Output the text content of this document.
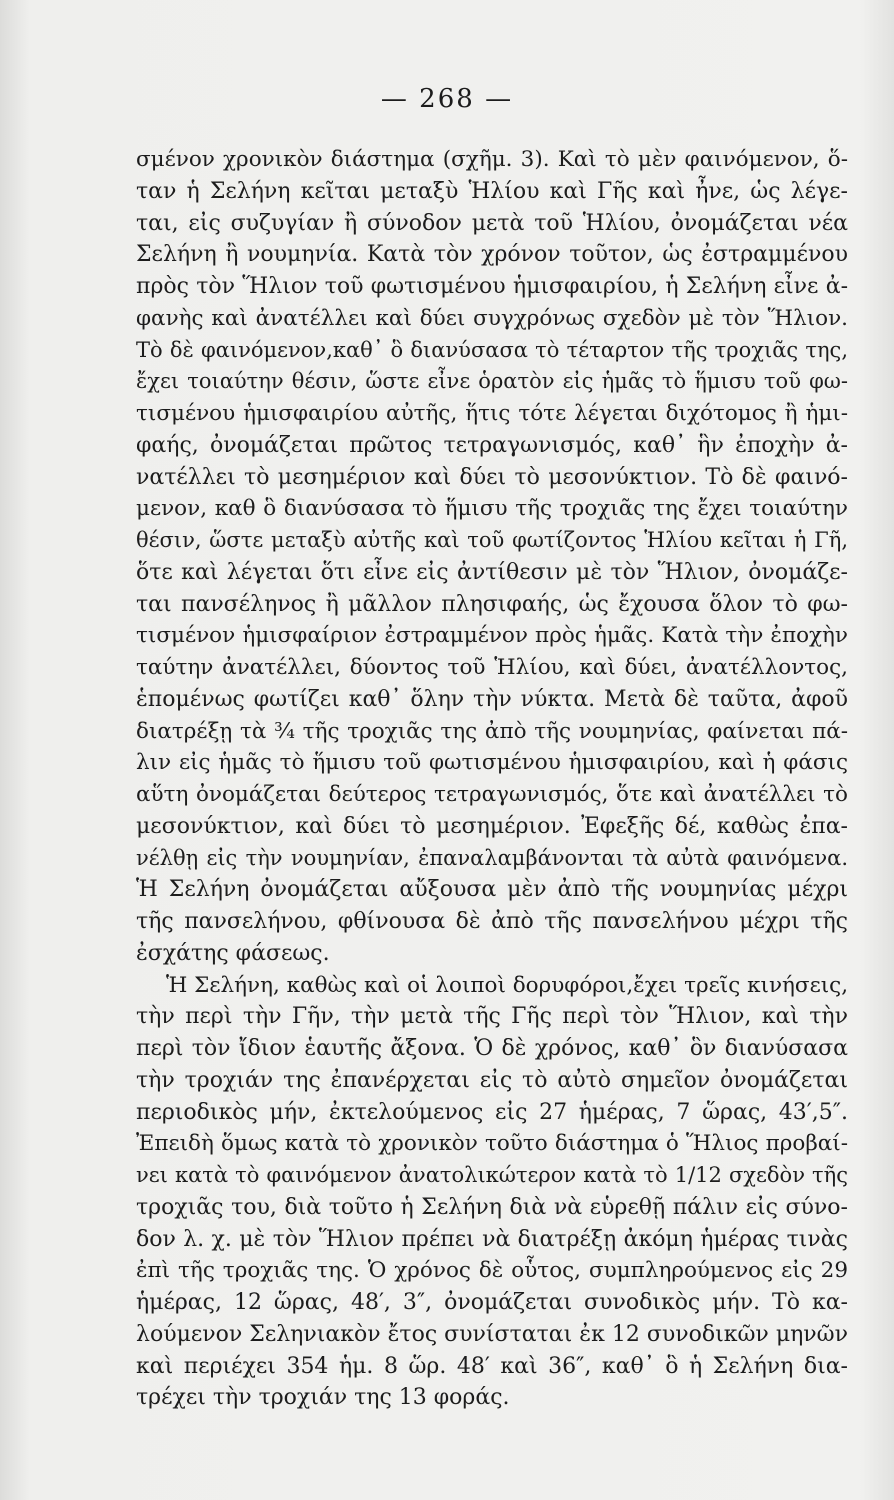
— 268 —
σμένον χρονικὸν διάστημα (σχῆμ. 3). Καὶ τὸ μὲν φαινόμενον, ὅ-
ταν ἡ Σελήνη κεῖται μεταξὺ Ἡλίου καὶ Γῆς καὶ ἦνε, ὡς λέγε-
ται, εἰς συζυγίαν ἢ σύνοδον μετὰ τοῦ Ἡλίου, ὀνομάζεται νέα
Σελήνη ἢ νουμηνία. Κατὰ τὸν χρόνον τοῦτον, ὡς ἐστραμμένου
πρὸς τὸν Ἥλιον τοῦ φωτισμένου ἡμισφαιρίου, ἡ Σελήνη εἶνε ἀ-
φανὴς καὶ ἀνατέλλει καὶ δύει συγχρόνως σχεδὸν μὲ τὸν Ἥλιον.
Τὸ δὲ φαινόμενον,καθ᾽ ὃ διανύσασα τὸ τέταρτον τῆς τροχιᾶς της,
ἔχει τοιαύτην θέσιν, ὥστε εἶνε ὁρατὸν εἰς ἡμᾶς τὸ ἥμισυ τοῦ φω-
τισμένου ἡμισφαιρίου αὐτῆς, ἥτις τότε λέγεται διχότομος ἢ ἡμι-
φαής, ὀνομάζεται πρῶτος τετραγωνισμός, καθ᾽ ἣν ἐποχὴν ἀ-
νατέλλει τὸ μεσημέριον καὶ δύει τὸ μεσονύκτιον. Τὸ δὲ φαινό-
μενον, καθ ὃ διανύσασα τὸ ἥμισυ τῆς τροχιᾶς της ἔχει τοιαύτην
θέσιν, ὥστε μεταξὺ αὐτῆς καὶ τοῦ φωτίζοντος Ἡλίου κεῖται ἡ Γῆ,
ὅτε καὶ λέγεται ὅτι εἶνε εἰς ἀντίθεσιν μὲ τὸν Ἥλιον, ὀνομάζε-
ται πανσέληνος ἢ μᾶλλον πλησιφαής, ὡς ἔχουσα ὅλον τὸ φω-
τισμένον ἡμισφαίριον ἐστραμμένον πρὸς ἡμᾶς. Κατὰ τὴν ἐποχὴν
ταύτην ἀνατέλλει, δύοντος τοῦ Ἡλίου, καὶ δύει, ἀνατέλλοντος,
ἑπομένως φωτίζει καθ᾽ ὅλην τὴν νύκτα. Μετὰ δὲ ταῦτα, ἀφοῦ
διατρέξῃ τὰ ¾ τῆς τροχιᾶς της ἀπὸ τῆς νουμηνίας, φαίνεται πά-
λιν εἰς ἡμᾶς τὸ ἥμισυ τοῦ φωτισμένου ἡμισφαιρίου, καὶ ἡ φάσις
αὕτη ὀνομάζεται δεύτερος τετραγωνισμός, ὅτε καὶ ἀνατέλλει τὸ
μεσονύκτιον, καὶ δύει τὸ μεσημέριον. Ἐφεξῆς δέ, καθὼς ἐπα-
νέλθῃ εἰς τὴν νουμηνίαν, ἐπαναλαμβάνονται τὰ αὐτὰ φαινόμενα.
Ἡ Σελήνη ὀνομάζεται αὔξουσα μὲν ἀπὸ τῆς νουμηνίας μέχρι
τῆς πανσελήνου, φθίνουσα δὲ ἀπὸ τῆς πανσελήνου μέχρι τῆς
ἐσχάτης φάσεως.
Ἡ Σελήνη, καθὼς καὶ οἱ λοιποὶ δορυφόροι,ἔχει τρεῖς κινήσεις,
τὴν περὶ τὴν Γῆν, τὴν μετὰ τῆς Γῆς περὶ τὸν Ἥλιον, καὶ τὴν
περὶ τὸν ἴδιον ἑαυτῆς ἄξονα. Ὁ δὲ χρόνος, καθ᾽ ὃν διανύσασα
τὴν τροχιάν της ἐπανέρχεται εἰς τὸ αὐτὸ σημεῖον ὀνομάζεται
περιοδικὸς μήν, ἐκτελούμενος εἰς 27 ἡμέρας, 7 ὥρας, 43′,5″.
Ἐπειδὴ ὅμως κατὰ τὸ χρονικὸν τοῦτο διάστημα ὁ Ἥλιος προβαί-
νει κατὰ τὸ φαινόμενον ἀνατολικώτερον κατὰ τὸ 1/12 σχεδὸν τῆς
τροχιᾶς του, διὰ τοῦτο ἡ Σελήνη διὰ νὰ εὑρεθῇ πάλιν εἰς σύνο-
δον λ. χ. μὲ τὸν Ἥλιον πρέπει νὰ διατρέξῃ ἀκόμη ἡμέρας τινὰς
ἐπὶ τῆς τροχιᾶς της. Ὁ χρόνος δὲ οὗτος, συμπληρούμενος εἰς 29
ἡμέρας, 12 ὥρας, 48′, 3″, ὀνομάζεται συνοδικὸς μήν. Τὸ κα-
λούμενον Σεληνιακὸν ἔτος συνίσταται ἐκ 12 συνοδικῶν μηνῶν
καὶ περιέχει 354 ἡμ. 8 ὥρ. 48′ καὶ 36″, καθ᾽ ὃ ἡ Σελήνη δια-
τρέχει τὴν τροχιάν της 13 φοράς.
